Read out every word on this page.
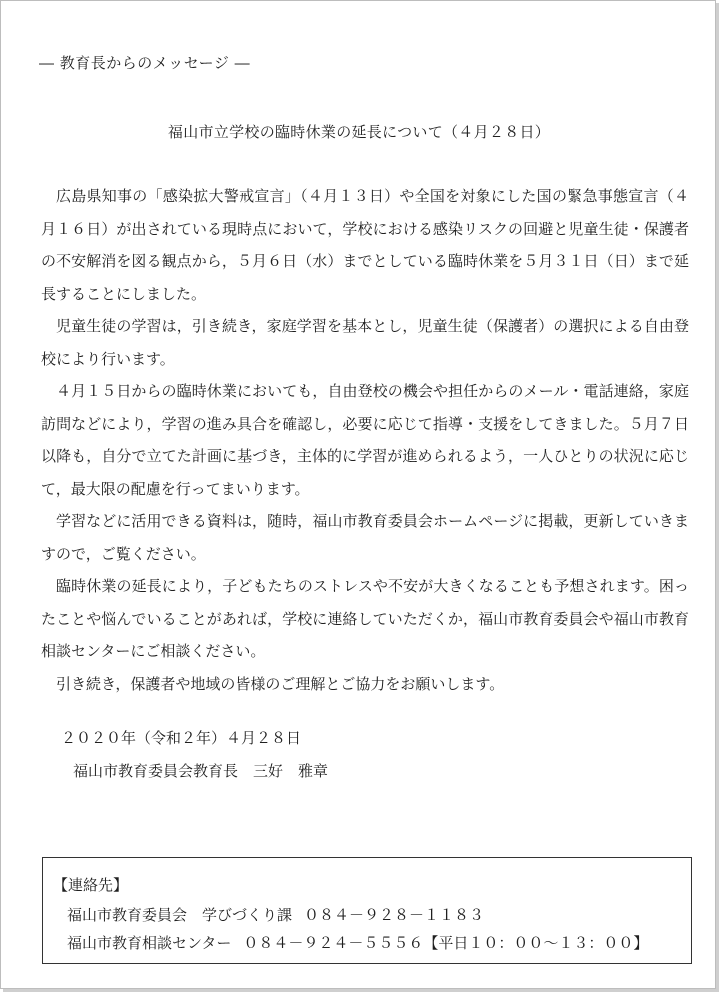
― 教育長からのメッセージ ―
福山市立学校の臨時休業の延長について（４月２８日）

広島県知事の「感染拡大警戒宣言」（４月１３日）や全国を対象にした国の緊急事態宣言（４月１６日）が出されている現時点において，学校における感染リスクの回避と児童生徒・保護者の不安解消を図る観点から，５月６日（水）までとしている臨時休業を５月３１日（日）まで延長することにしました。

児童生徒の学習は，引き続き，家庭学習を基本とし，児童生徒（保護者）の選択による自由登校により行います。

４月１５日からの臨時休業においても，自由登校の機会や担任からのメール・電話連絡，家庭訪問などにより，学習の進み具合を確認し，必要に応じて指導・支援をしてきました。５月７日以降も，自分で立てた計画に基づき，主体的に学習が進められるよう，一人ひとりの状況に応じて，最大限の配慮を行ってまいります。

学習などに活用できる資料は，随時，福山市教育委員会ホームページに掲載，更新していきますので，ご覧ください。

臨時休業の延長により，子どもたちのストレスや不安が大きくなることも予想されます。困ったことや悩んでいることがあれば，学校に連絡していただくか，福山市教育委員会や福山市教育相談センターにご相談ください。

引き続き，保護者や地域の皆様のご理解とご協力をお願いします。

２０２０年（令和２年）４月２８日
福山市教育委員会教育長　三好　雅章
【連絡先】
福山市教育委員会　学びづくり課 ０８４－９２８－１１８３
福山市教育相談センター ０８４－９２４－５５５６【平日１０：００～１３：００】
